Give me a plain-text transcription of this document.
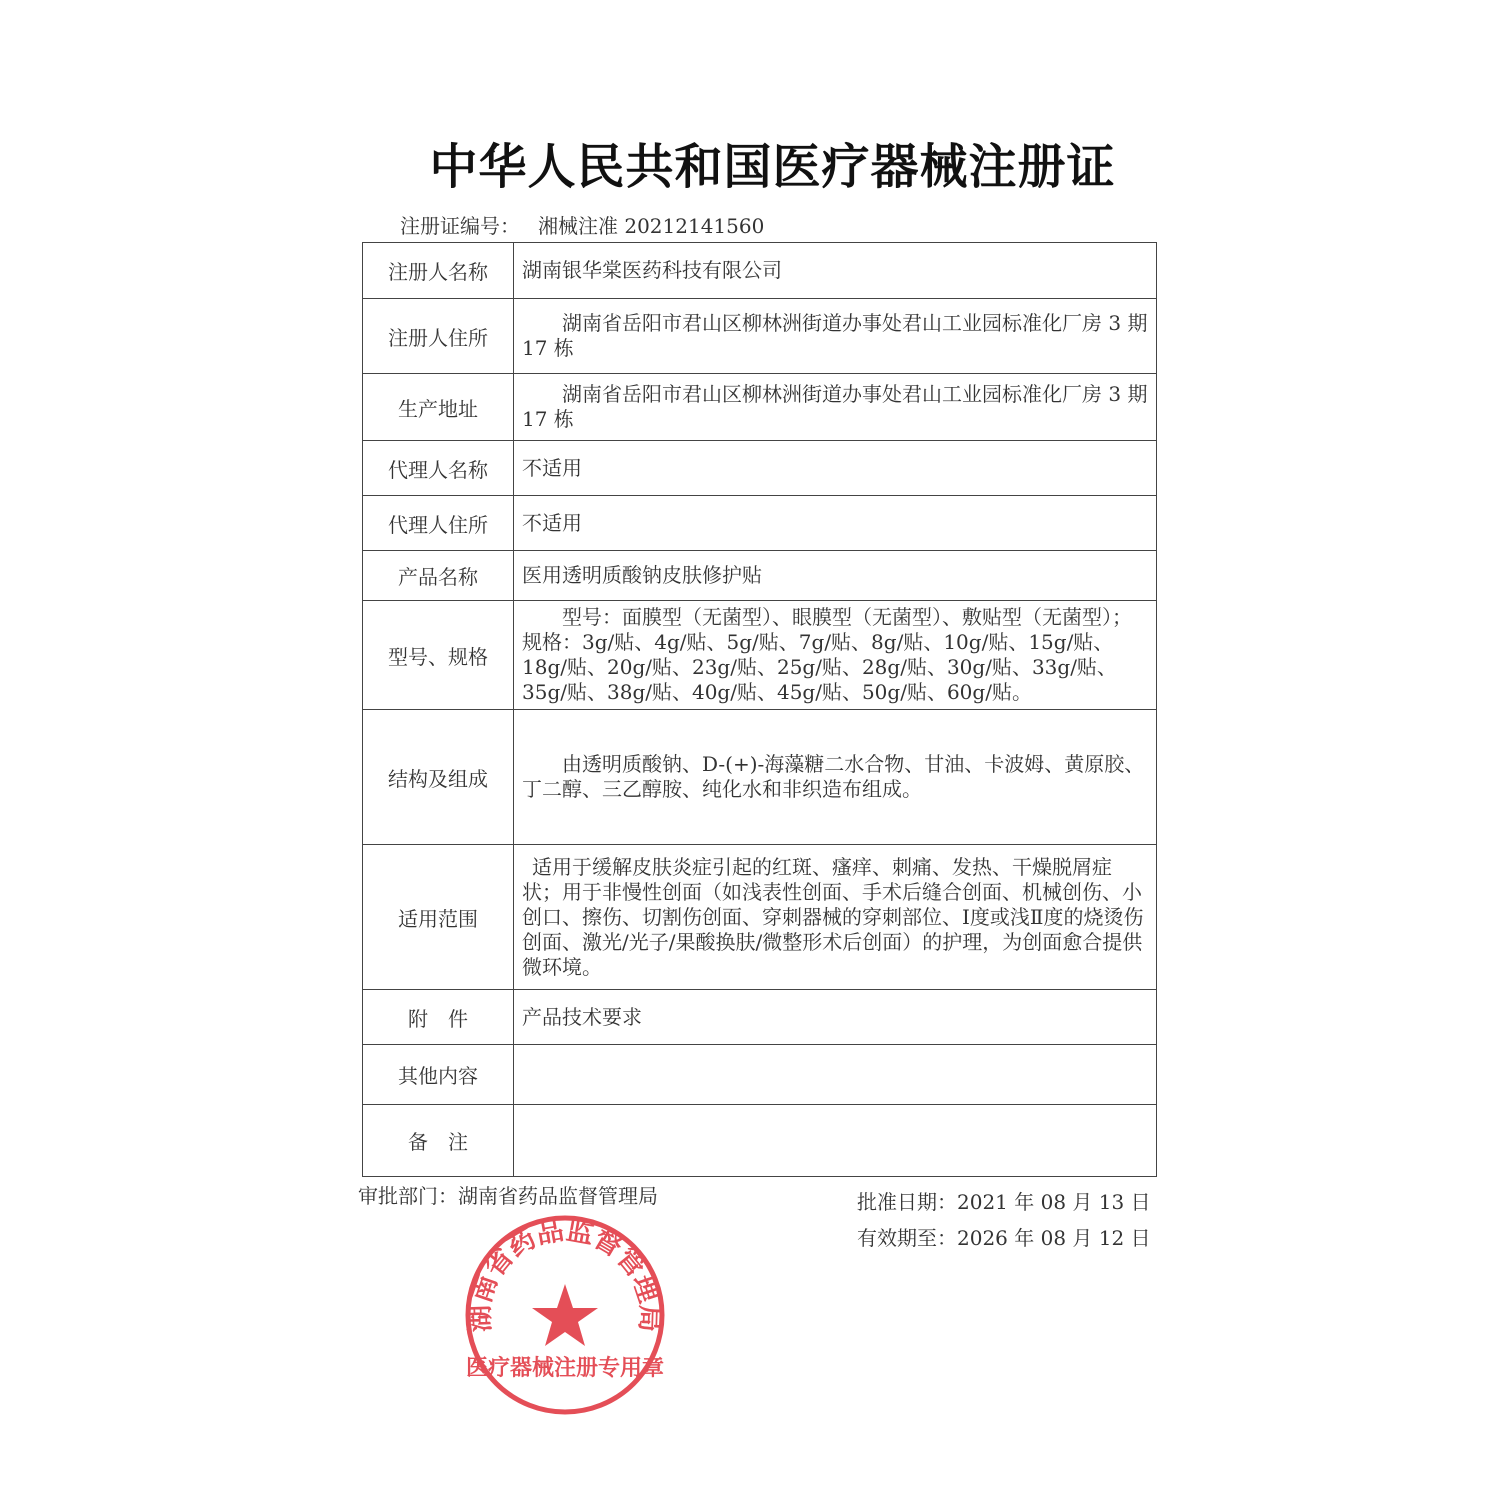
中华人民共和国医疗器械注册证
注册证编号： 湘械注准 20212141560
注册人名称	湖南银华棠医药科技有限公司
注册人住所	湖南省岳阳市君山区柳林洲街道办事处君山工业园标准化厂房 3 期 17 栋
生产地址	湖南省岳阳市君山区柳林洲街道办事处君山工业园标准化厂房 3 期 17 栋
代理人名称	不适用
代理人住所	不适用
产品名称	医用透明质酸钠皮肤修护贴
型号、规格	型号：面膜型（无菌型）、眼膜型（无菌型）、敷贴型（无菌型）；规格：3g/贴、4g/贴、5g/贴、7g/贴、8g/贴、10g/贴、15g/贴、18g/贴、20g/贴、23g/贴、25g/贴、28g/贴、30g/贴、33g/贴、35g/贴、38g/贴、40g/贴、45g/贴、50g/贴、60g/贴。
结构及组成	由透明质酸钠、D-(+)-海藻糖二水合物、甘油、卡波姆、黄原胶、丁二醇、三乙醇胺、纯化水和非织造布组成。
适用范围	适用于缓解皮肤炎症引起的红斑、瘙痒、刺痛、发热、干燥脱屑症状；用于非慢性创面（如浅表性创面、手术后缝合创面、机械创伤、小创口、擦伤、切割伤创面、穿刺器械的穿刺部位、Ⅰ度或浅Ⅱ度的烧烫伤创面、激光/光子/果酸换肤/微整形术后创面）的护理，为创面愈合提供微环境。
附　件	产品技术要求
其他内容	
备　注	
审批部门：湖南省药品监督管理局	批准日期：2021 年 08 月 13 日
有效期至：2026 年 08 月 12 日
湖南省药品监督管理局
医疗器械注册专用章
